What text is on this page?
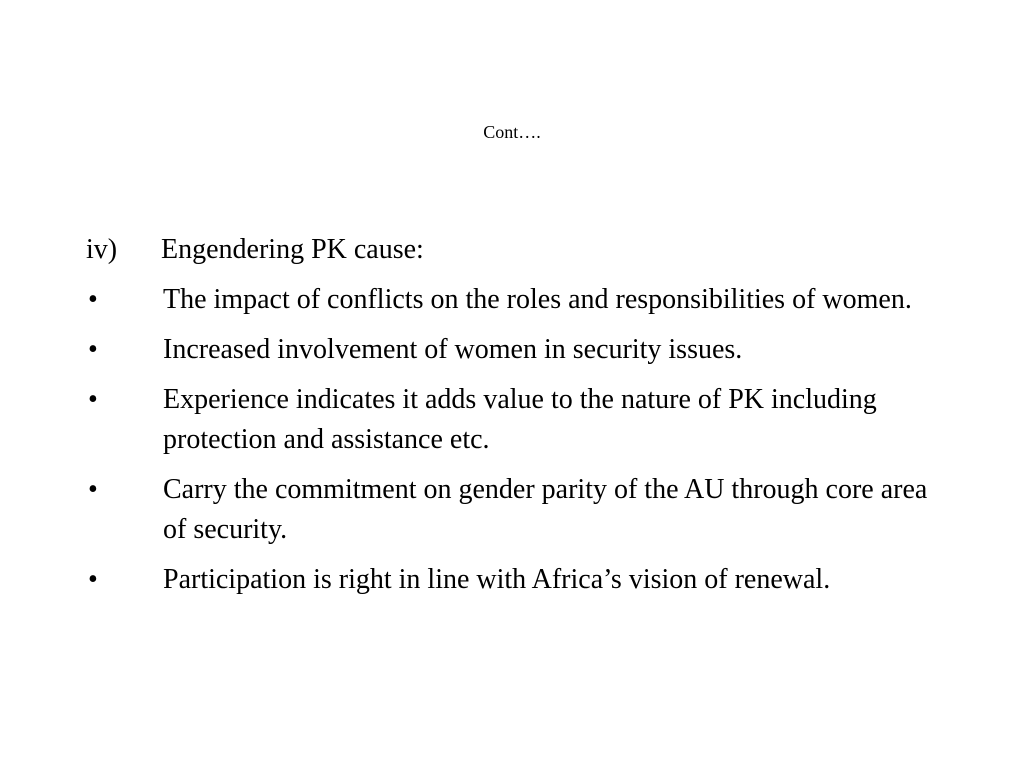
Cont….
iv)	Engendering PK cause:
•	The impact of conflicts on the roles and responsibilities of women.
•	Increased involvement of women in security issues.
•	Experience indicates it adds value to the nature of PK including protection and assistance etc.
•	Carry the commitment on gender parity of the AU through core area of security.
•	Participation is right in line with Africa’s vision of renewal.
